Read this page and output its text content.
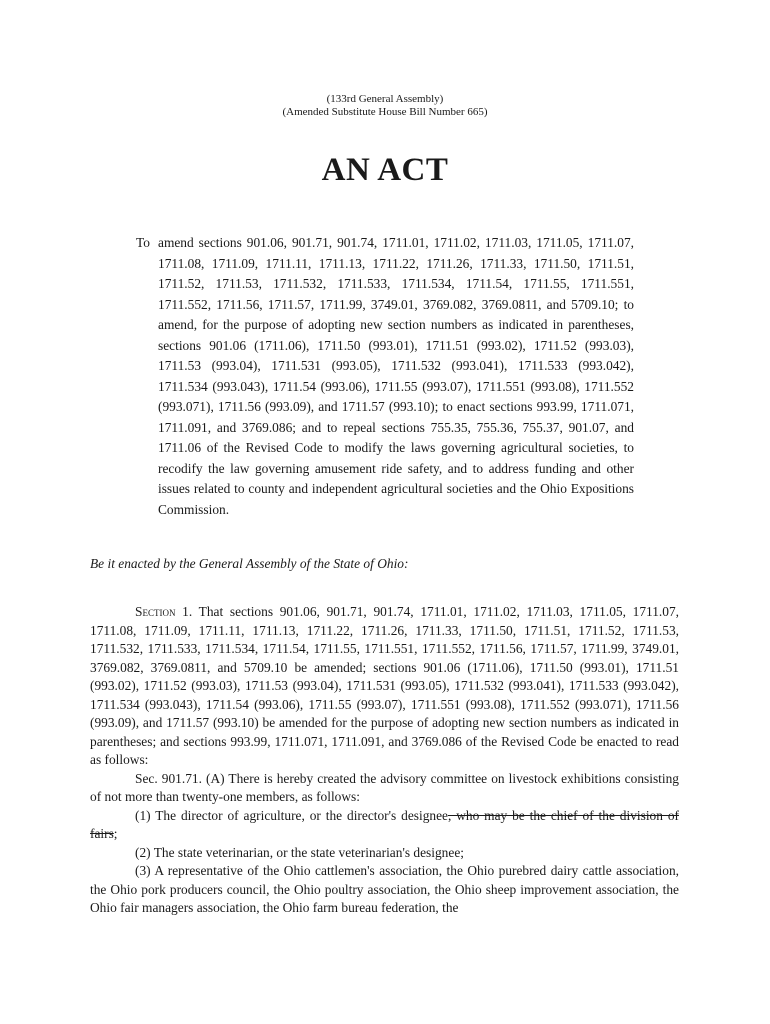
(133rd General Assembly)
(Amended Substitute House Bill Number 665)
AN ACT
To amend sections 901.06, 901.71, 901.74, 1711.01, 1711.02, 1711.03, 1711.05, 1711.07, 1711.08, 1711.09, 1711.11, 1711.13, 1711.22, 1711.26, 1711.33, 1711.50, 1711.51, 1711.52, 1711.53, 1711.532, 1711.533, 1711.534, 1711.54, 1711.55, 1711.551, 1711.552, 1711.56, 1711.57, 1711.99, 3749.01, 3769.082, 3769.0811, and 5709.10; to amend, for the purpose of adopting new section numbers as indicated in parentheses, sections 901.06 (1711.06), 1711.50 (993.01), 1711.51 (993.02), 1711.52 (993.03), 1711.53 (993.04), 1711.531 (993.05), 1711.532 (993.041), 1711.533 (993.042), 1711.534 (993.043), 1711.54 (993.06), 1711.55 (993.07), 1711.551 (993.08), 1711.552 (993.071), 1711.56 (993.09), and 1711.57 (993.10); to enact sections 993.99, 1711.071, 1711.091, and 3769.086; and to repeal sections 755.35, 755.36, 755.37, 901.07, and 1711.06 of the Revised Code to modify the laws governing agricultural societies, to recodify the law governing amusement ride safety, and to address funding and other issues related to county and independent agricultural societies and the Ohio Expositions Commission.
Be it enacted by the General Assembly of the State of Ohio:

Section 1. That sections 901.06, 901.71, 901.74, 1711.01, 1711.02, 1711.03, 1711.05, 1711.07, 1711.08, 1711.09, 1711.11, 1711.13, 1711.22, 1711.26, 1711.33, 1711.50, 1711.51, 1711.52, 1711.53, 1711.532, 1711.533, 1711.534, 1711.54, 1711.55, 1711.551, 1711.552, 1711.56, 1711.57, 1711.99, 3749.01, 3769.082, 3769.0811, and 5709.10 be amended; sections 901.06 (1711.06), 1711.50 (993.01), 1711.51 (993.02), 1711.52 (993.03), 1711.53 (993.04), 1711.531 (993.05), 1711.532 (993.041), 1711.533 (993.042), 1711.534 (993.043), 1711.54 (993.06), 1711.55 (993.07), 1711.551 (993.08), 1711.552 (993.071), 1711.56 (993.09), and 1711.57 (993.10) be amended for the purpose of adopting new section numbers as indicated in parentheses; and sections 993.99, 1711.071, 1711.091, and 3769.086 of the Revised Code be enacted to read as follows:

Sec. 901.71. (A) There is hereby created the advisory committee on livestock exhibitions consisting of not more than twenty-one members, as follows:

(1) The director of agriculture, or the director's designee, who may be the chief of the division of fairs;

(2) The state veterinarian, or the state veterinarian's designee;

(3) A representative of the Ohio cattlemen's association, the Ohio purebred dairy cattle association, the Ohio pork producers council, the Ohio poultry association, the Ohio sheep improvement association, the Ohio fair managers association, the Ohio farm bureau federation, the
